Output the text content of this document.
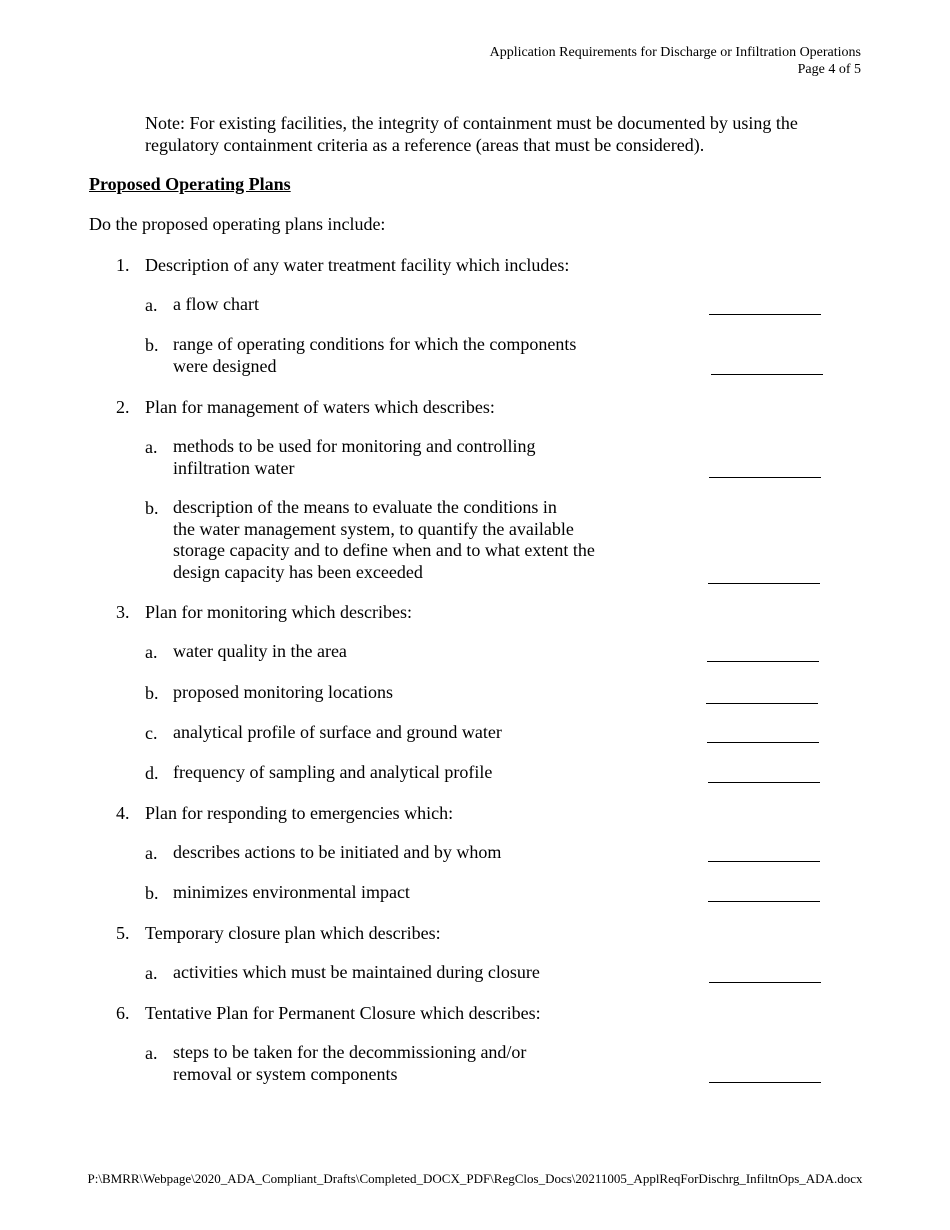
Application Requirements for Discharge or Infiltration Operations
Page 4 of 5
Note: For existing facilities, the integrity of containment must be documented by using the regulatory containment criteria as a reference (areas that must be considered).
Proposed Operating Plans
Do the proposed operating plans include:
1. Description of any water treatment facility which includes:
a. a flow chart
b. range of operating conditions for which the components
were designed
2. Plan for management of waters which describes:
a. methods to be used for monitoring and controlling
infiltration water
b. description of the means to evaluate the conditions in
the water management system, to quantify the available
storage capacity and to define when and to what extent the
design capacity has been exceeded
3. Plan for monitoring which describes:
a. water quality in the area
b. proposed monitoring locations
c. analytical profile of surface and ground water
d. frequency of sampling and analytical profile
4. Plan for responding to emergencies which:
a. describes actions to be initiated and by whom
b. minimizes environmental impact
5. Temporary closure plan which describes:
a. activities which must be maintained during closure
6. Tentative Plan for Permanent Closure which describes:
a. steps to be taken for the decommissioning and/or
removal or system components
P:\BMRR\Webpage\2020_ADA_Compliant_Drafts\Completed_DOCX_PDF\RegClos_Docs\20211005_ApplReqForDischrg_InfiltnOps_ADA.docx
